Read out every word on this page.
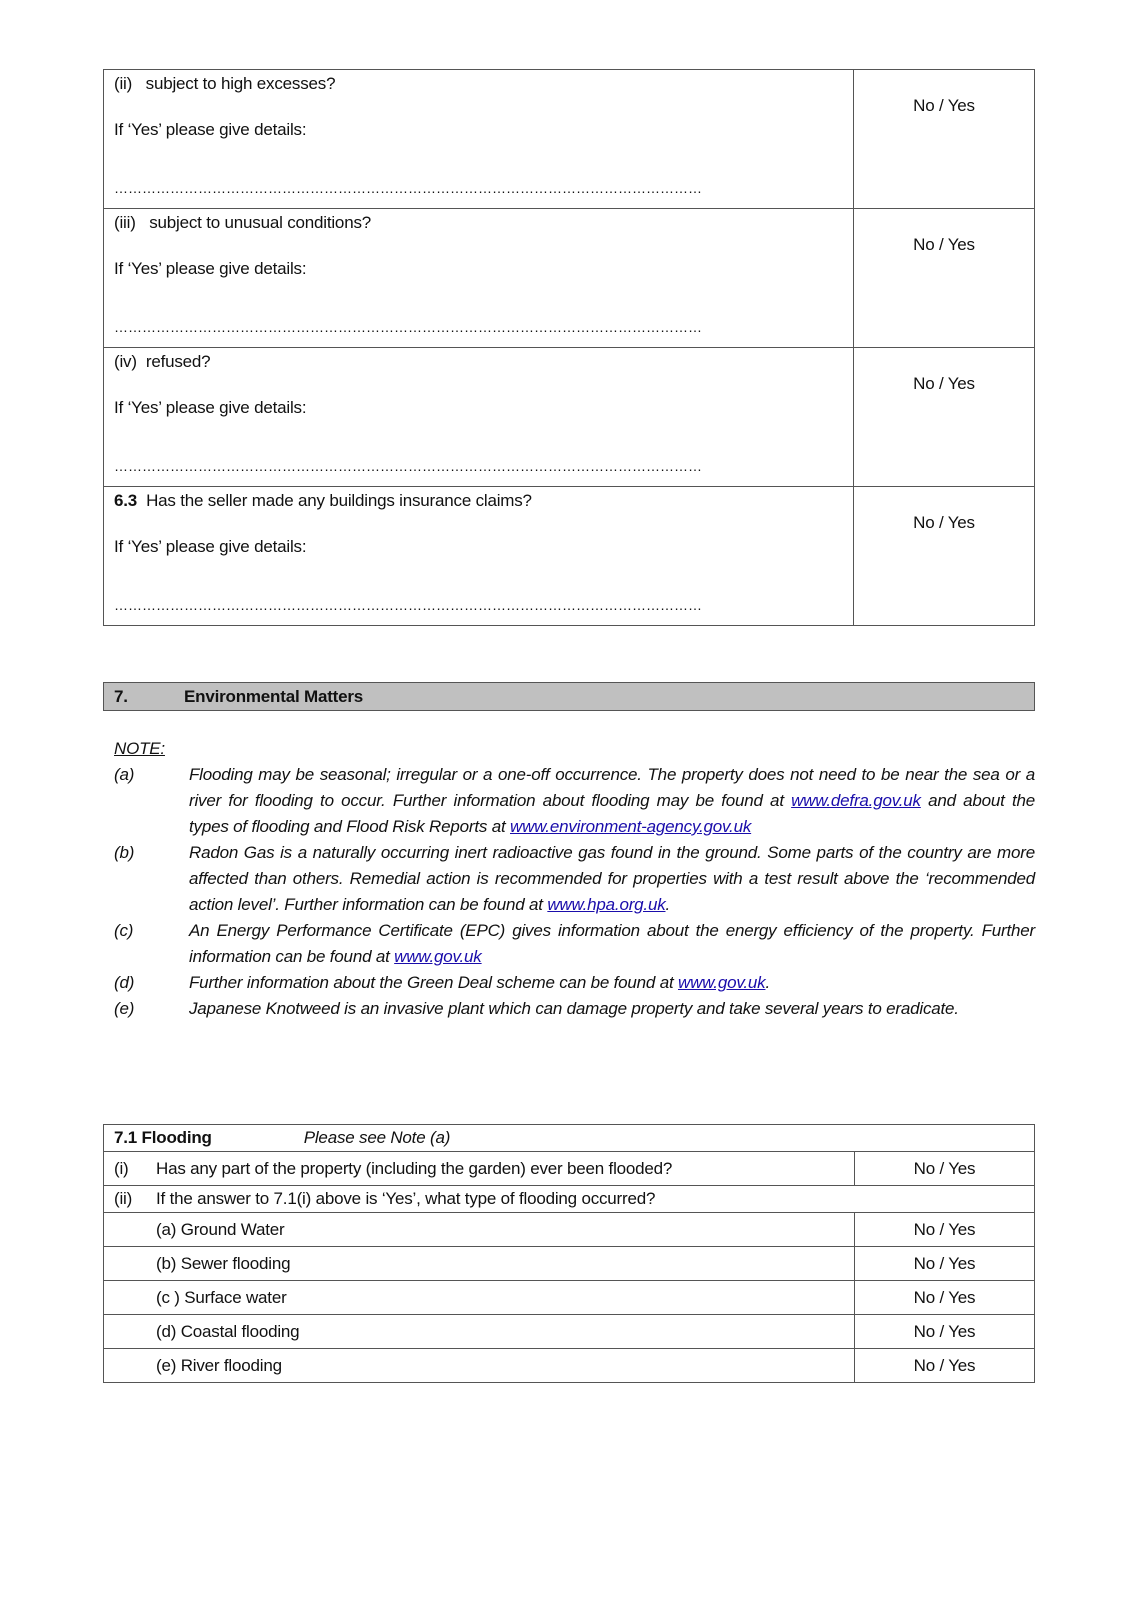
(ii) subject to high excesses?
If ‘Yes’ please give details:
………………………………………………………………………………………………………………	No / Yes

(iii) subject to unusual conditions?
If ‘Yes’ please give details:
………………………………………………………………………………………………………………	No / Yes

(iv) refused?
If ‘Yes’ please give details:
………………………………………………………………………………………………………………	No / Yes

6.3 Has the seller made any buildings insurance claims?
If ‘Yes’ please give details:
………………………………………………………………………………………………………………	No / Yes
7.	Environmental Matters
NOTE:
(a)	Flooding may be seasonal; irregular or a one-off occurrence. The property does not need to be near the sea or a river for flooding to occur. Further information about flooding may be found at www.defra.gov.uk and about the types of flooding and Flood Risk Reports at www.environment-agency.gov.uk
(b)	Radon Gas is a naturally occurring inert radioactive gas found in the ground. Some parts of the country are more affected than others. Remedial action is recommended for properties with a test result above the ‘recommended action level’. Further information can be found at www.hpa.org.uk.
(c)	An Energy Performance Certificate (EPC) gives information about the energy efficiency of the property. Further information can be found at www.gov.uk
(d)	Further information about the Green Deal scheme can be found at www.gov.uk.
(e)	Japanese Knotweed is an invasive plant which can damage property and take several years to eradicate.
7.1 Flooding Please see Note (a)	
(i) Has any part of the property (including the garden) ever been flooded?	No / Yes
(ii) If the answer to 7.1(i) above is ‘Yes’, what type of flooding occurred?	
(a) Ground Water	No / Yes
(b) Sewer flooding	No / Yes
(c ) Surface water	No / Yes
(d) Coastal flooding	No / Yes
(e) River flooding	No / Yes
